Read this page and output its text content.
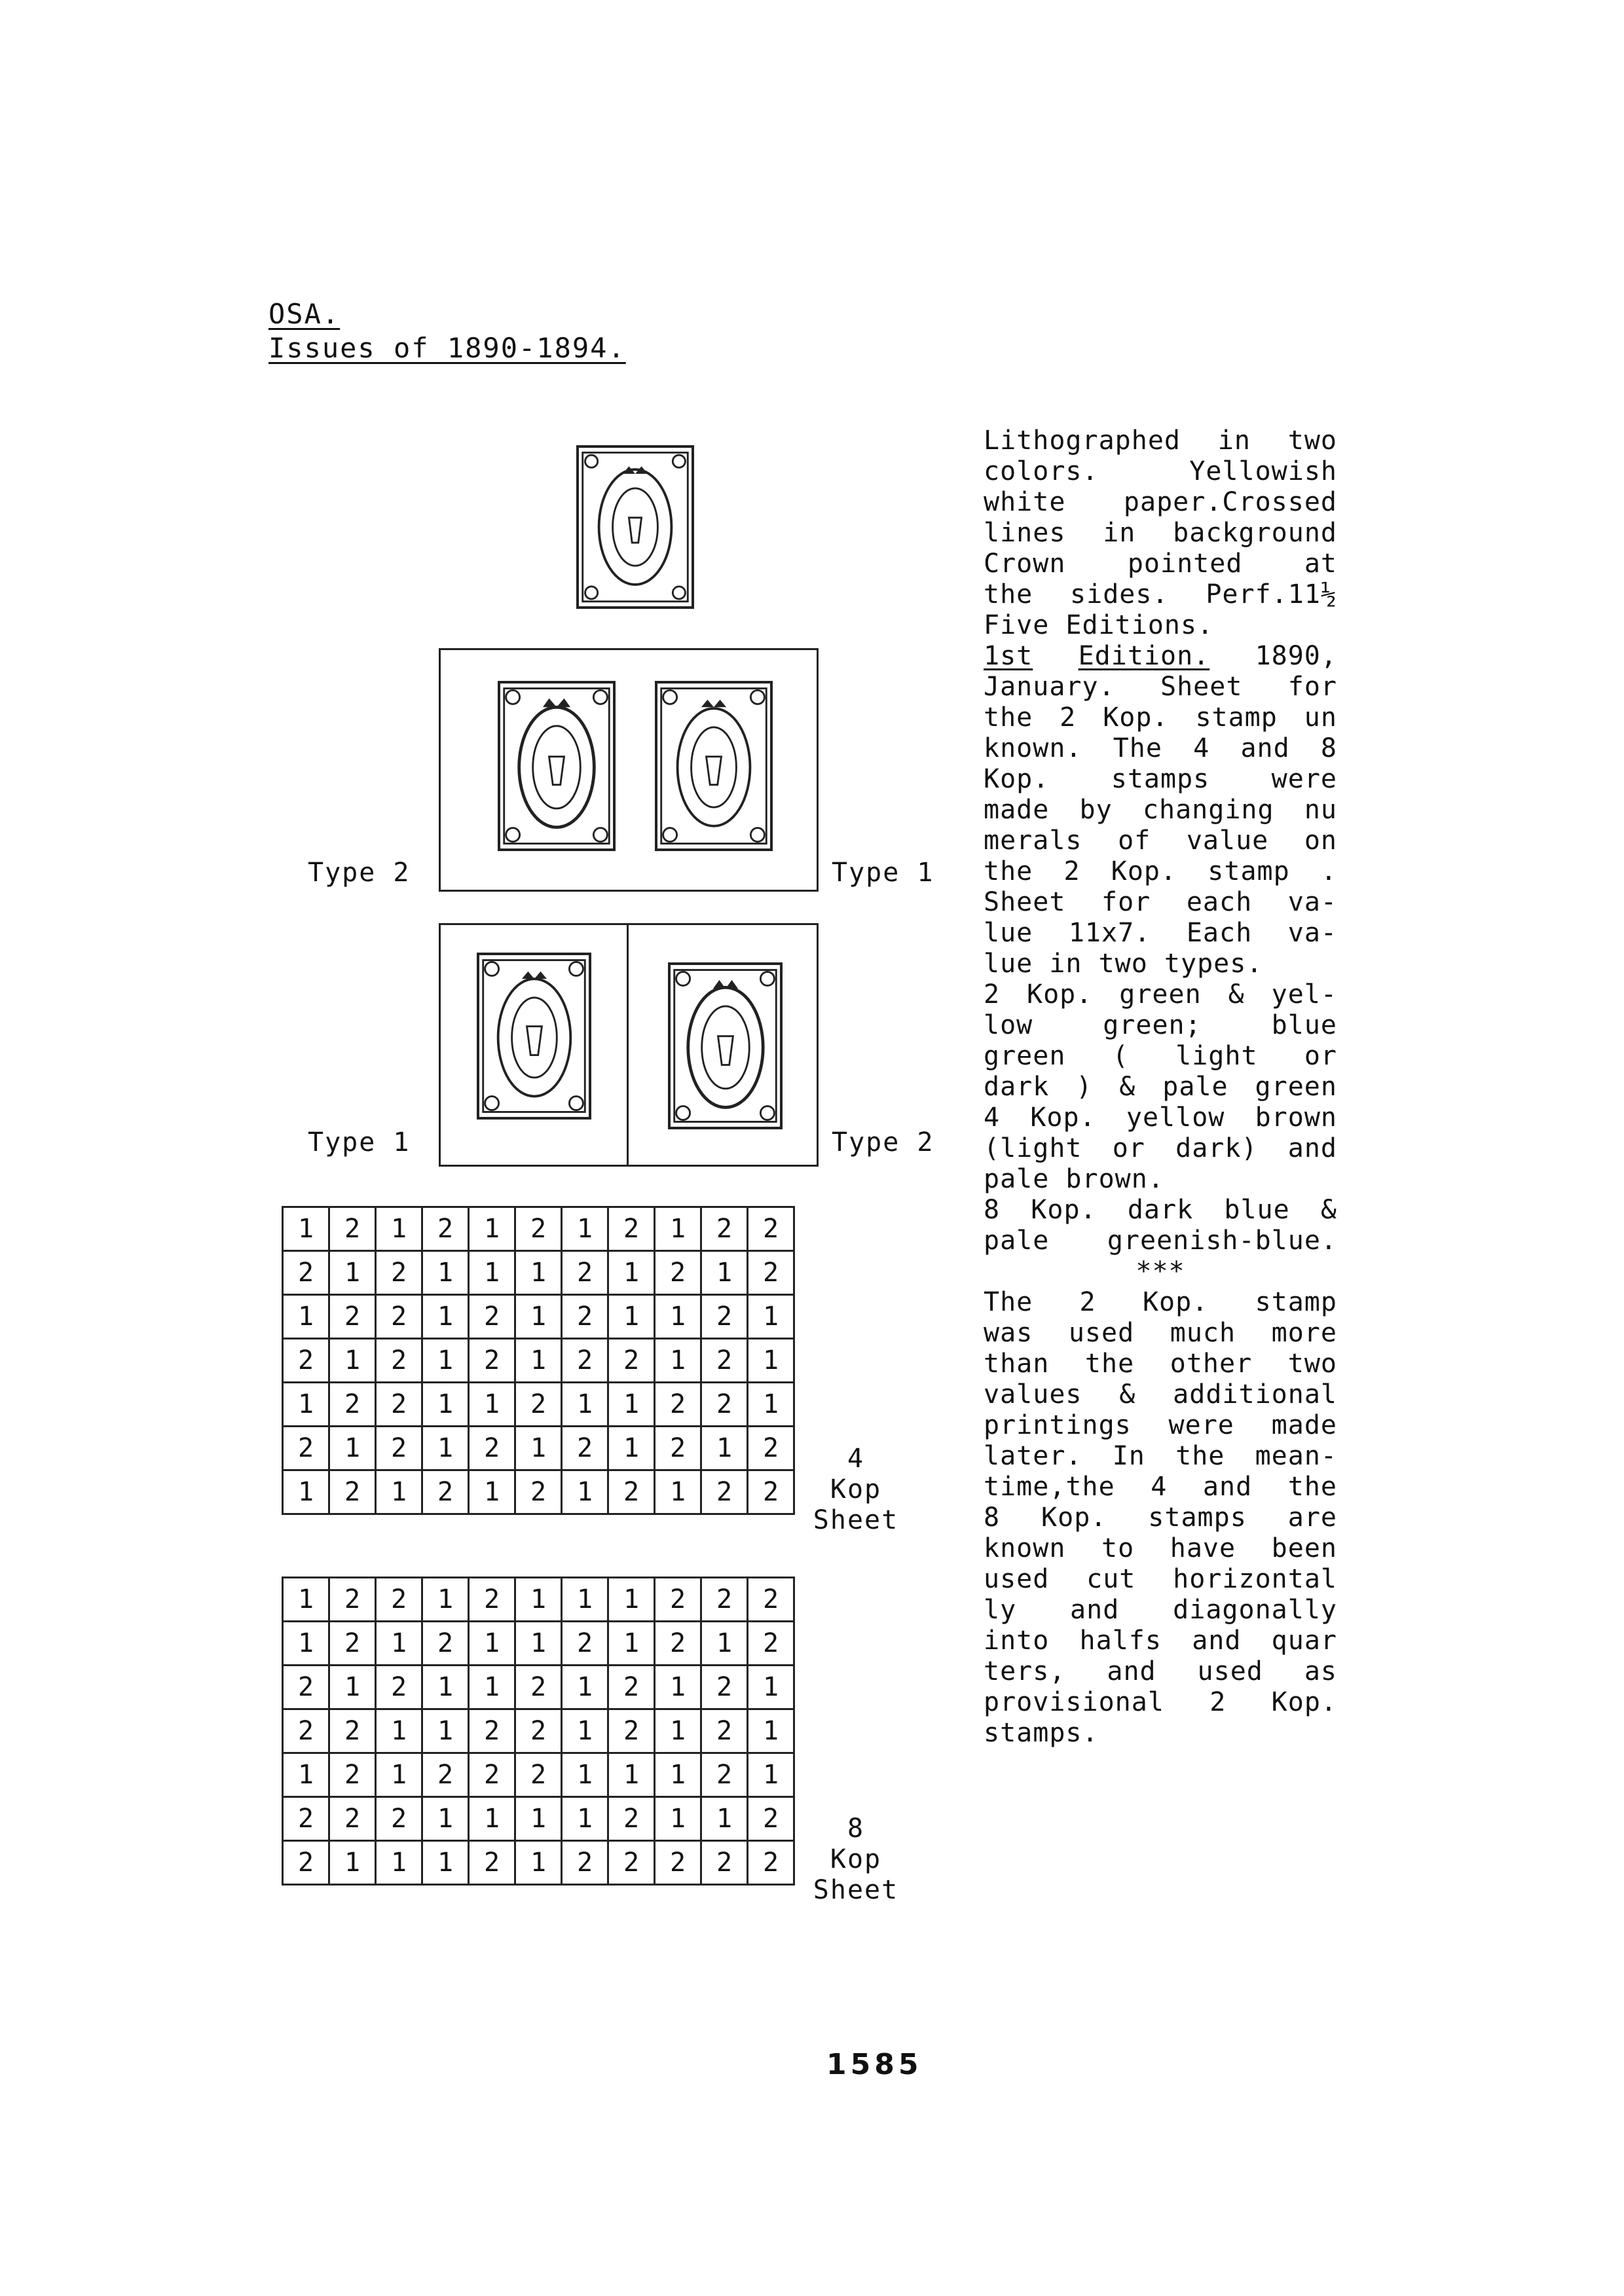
OSA.
Issues of 1890-1894.
Type 2	Type 1
Type 1	Type 2
1	2	1	2	1	2	1	2	1	2	2
2	1	2	1	1	1	2	1	2	1	2
1	2	2	1	2	1	2	1	1	2	1
2	1	2	1	2	1	2	2	1	2	1
1	2	2	1	1	2	1	1	2	2	1
2	1	2	1	2	1	2	1	2	1	2
1	2	1	2	1	2	1	2	1	2	2
4
Kop
Sheet
1	2	2	1	2	1	1	1	2	2	2
1	2	1	2	1	1	2	1	2	1	2
2	1	2	1	1	2	1	2	1	2	1
2	2	1	1	2	2	1	2	1	2	1
1	2	1	2	2	2	1	1	1	2	1
2	2	2	1	1	1	1	2	1	1	2
2	1	1	1	2	1	2	2	2	2	2
8
Kop
Sheet
Lithographed in two
colors.	Yellowish
white paper.Crossed
lines in background
Crown pointed at
the sides. Perf.11½
Five Editions.
1st Edition. 1890,
January. Sheet for
the 2 Kop. stamp un
known. The 4 and 8
Kop. stamps were
made by changing nu
merals of value on
the 2 Kop. stamp .
Sheet for each va-
lue 11x7. Each va-
lue in two types.
2 Kop. green & yel-
low	green;	blue
green ( light or
dark ) & pale green
4 Kop. yellow brown
(light or dark) and
pale brown.
8 Kop. dark blue &
pale greenish-blue.
***
The 2 Kop. stamp
was used much more
than the other two
values & additional
printings were made
later. In the mean-
time,the 4 and the
8 Kop. stamps are
known to have been
used cut horizontal
ly and diagonally
into halfs and quar
ters, and used as
provisional 2 Kop.
stamps.
1585
